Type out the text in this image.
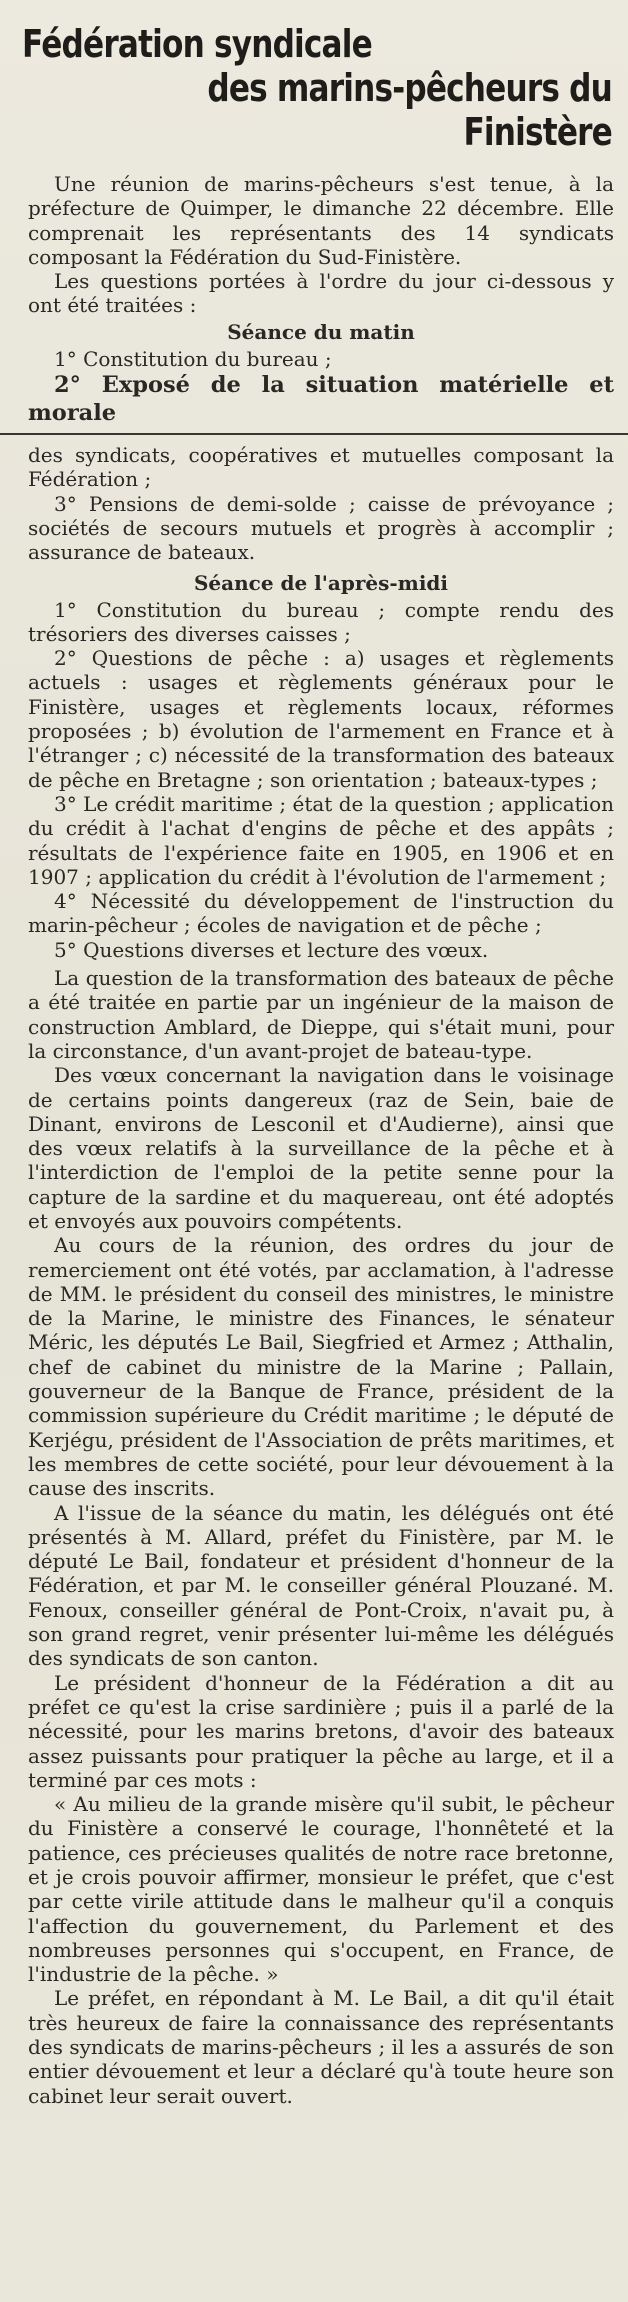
Fédération syndicale
des marins-pêcheurs du Finistère

Une réunion de marins-pêcheurs s'est tenue, à la préfecture de Quimper, le dimanche 22 décembre. Elle comprenait les représentants des 14 syndicats composant la Fédération du Sud-Finistère.

Les questions portées à l'ordre du jour ci-dessous y ont été traitées :

Séance du matin

1° Constitution du bureau ;

2° Exposé de la situation matérielle et morale

des syndicats, coopératives et mutuelles composant la Fédération ;

3° Pensions de demi-solde ; caisse de prévoyance ; sociétés de secours mutuels et progrès à accomplir ; assurance de bateaux.

Séance de l'après-midi

1° Constitution du bureau ; compte rendu des trésoriers des diverses caisses ;

2° Questions de pêche : a) usages et règlements actuels : usages et règlements généraux pour le Finistère, usages et règlements locaux, réformes proposées ; b) évolution de l'armement en France et à l'étranger ; c) nécessité de la transformation des bateaux de pêche en Bretagne ; son orientation ; bateaux-types ;

3° Le crédit maritime ; état de la question ; application du crédit à l'achat d'engins de pêche et des appâts ; résultats de l'expérience faite en 1905, en 1906 et en 1907 ; application du crédit à l'évolution de l'armement ;

4° Nécessité du développement de l'instruction du marin-pêcheur ; écoles de navigation et de pêche ;

5° Questions diverses et lecture des vœux.

La question de la transformation des bateaux de pêche a été traitée en partie par un ingénieur de la maison de construction Amblard, de Dieppe, qui s'était muni, pour la circonstance, d'un avant-projet de bateau-type.

Des vœux concernant la navigation dans le voisinage de certains points dangereux (raz de Sein, baie de Dinant, environs de Lesconil et d'Audierne), ainsi que des vœux relatifs à la surveillance de la pêche et à l'interdiction de l'emploi de la petite senne pour la capture de la sardine et du maquereau, ont été adoptés et envoyés aux pouvoirs compétents.

Au cours de la réunion, des ordres du jour de remerciement ont été votés, par acclamation, à l'adresse de MM. le président du conseil des ministres, le ministre de la Marine, le ministre des Finances, le sénateur Méric, les députés Le Bail, Siegfried et Armez ; Atthalin, chef de cabinet du ministre de la Marine ; Pallain, gouverneur de la Banque de France, président de la commission supérieure du Crédit maritime ; le député de Kerjégu, président de l'Association de prêts maritimes, et les membres de cette société, pour leur dévouement à la cause des inscrits.

A l'issue de la séance du matin, les délégués ont été présentés à M. Allard, préfet du Finistère, par M. le député Le Bail, fondateur et président d'honneur de la Fédération, et par M. le conseiller général Plouzané. M. Fenoux, conseiller général de Pont-Croix, n'avait pu, à son grand regret, venir présenter lui-même les délégués des syndicats de son canton.

Le président d'honneur de la Fédération a dit au préfet ce qu'est la crise sardinière ; puis il a parlé de la nécessité, pour les marins bretons, d'avoir des bateaux assez puissants pour pratiquer la pêche au large, et il a terminé par ces mots :

« Au milieu de la grande misère qu'il subit, le pêcheur du Finistère a conservé le courage, l'honnêteté et la patience, ces précieuses qualités de notre race bretonne, et je crois pouvoir affirmer, monsieur le préfet, que c'est par cette virile attitude dans le malheur qu'il a conquis l'affection du gouvernement, du Parlement et des nombreuses personnes qui s'occupent, en France, de l'industrie de la pêche. »

Le préfet, en répondant à M. Le Bail, a dit qu'il était très heureux de faire la connaissance des représentants des syndicats de marins-pêcheurs ; il les a assurés de son entier dévouement et leur a déclaré qu'à toute heure son cabinet leur serait ouvert.
